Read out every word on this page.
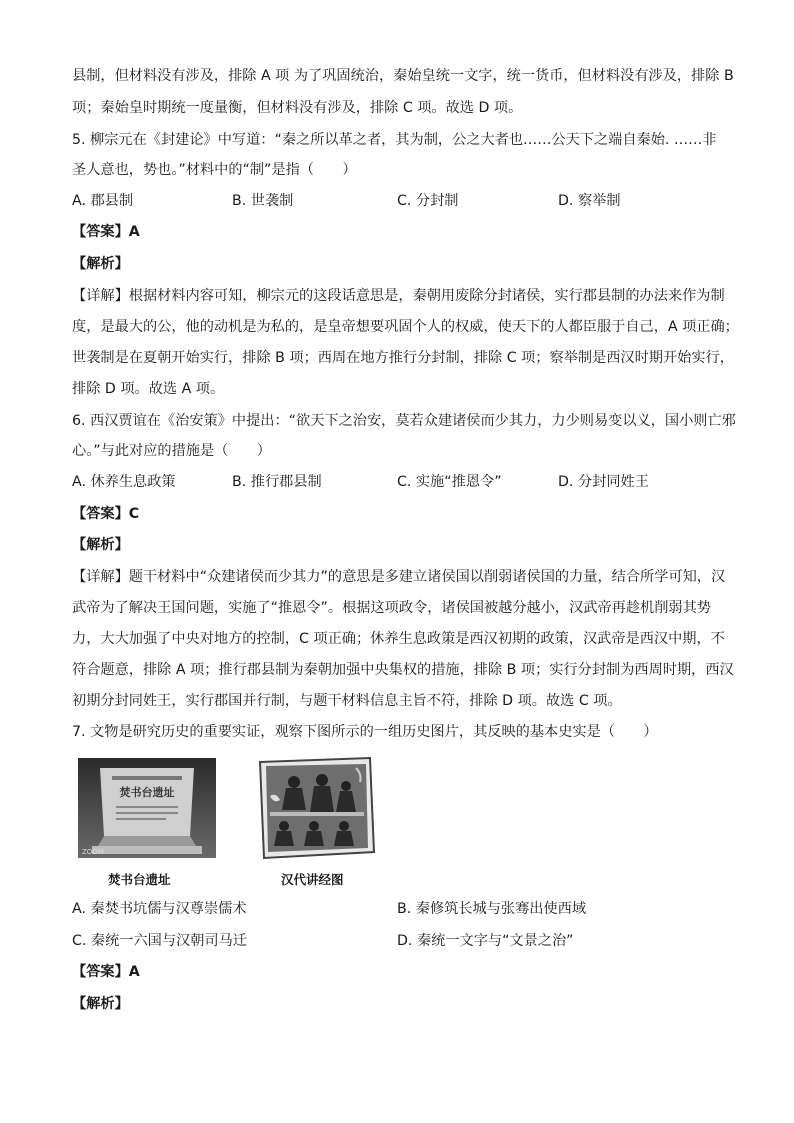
县制，但材料没有涉及，排除 A 项 为了巩固统治，秦始皇统一文字，统一货币，但材料没有涉及，排除 B
项；秦始皇时期统一度量衡，但材料没有涉及，排除 C 项。故选 D 项。
5. 柳宗元在《封建论》中写道：“秦之所以革之者，其为制，公之大者也……公天下之端自秦始. ……非
圣人意也，势也。”材料中的“制”是指（　　）
A. 郡县制	B. 世袭制	C. 分封制	D. 察举制
【答案】A
【解析】
【详解】根据材料内容可知，柳宗元的这段话意思是，秦朝用废除分封诸侯，实行郡县制的办法来作为制
度，是最大的公，他的动机是为私的，是皇帝想要巩固个人的权威，使天下的人都臣服于自己，A 项正确；
世袭制是在夏朝开始实行，排除 B 项；西周在地方推行分封制，排除 C 项；察举制是西汉时期开始实行，
排除 D 项。故选 A 项。
6. 西汉贾谊在《治安策》中提出：“欲天下之治安，莫若众建诸侯而少其力，力少则易变以义，国小则亡邪
心。”与此对应的措施是（　　）
A. 休养生息政策	B. 推行郡县制	C. 实施“推恩令”	D. 分封同姓王
【答案】C
【解析】
【详解】题干材料中“众建诸侯而少其力”的意思是多建立诸侯国以削弱诸侯国的力量，结合所学可知，汉
武帝为了解决王国问题，实施了“推恩令”。根据这项政令，诸侯国被越分越小，汉武帝再趁机削弱其势
力，大大加强了中央对地方的控制，C 项正确；休养生息政策是西汉初期的政策，汉武帝是西汉中期，不
符合题意，排除 A 项；推行郡县制为秦朝加强中央集权的措施，排除 B 项；实行分封制为西周时期，西汉
初期分封同姓王，实行郡国并行制，与题干材料信息主旨不符，排除 D 项。故选 C 项。
7. 文物是研究历史的重要实证，观察下图所示的一组历史图片，其反映的基本史实是（　　）
焚书台遗址
ZOOM
焚书台遗址	汉代讲经图
A. 秦焚书坑儒与汉尊崇儒术	B. 秦修筑长城与张骞出使西域
C. 秦统一六国与汉朝司马迁	D. 秦统一文字与“文景之治”
【答案】A
【解析】
